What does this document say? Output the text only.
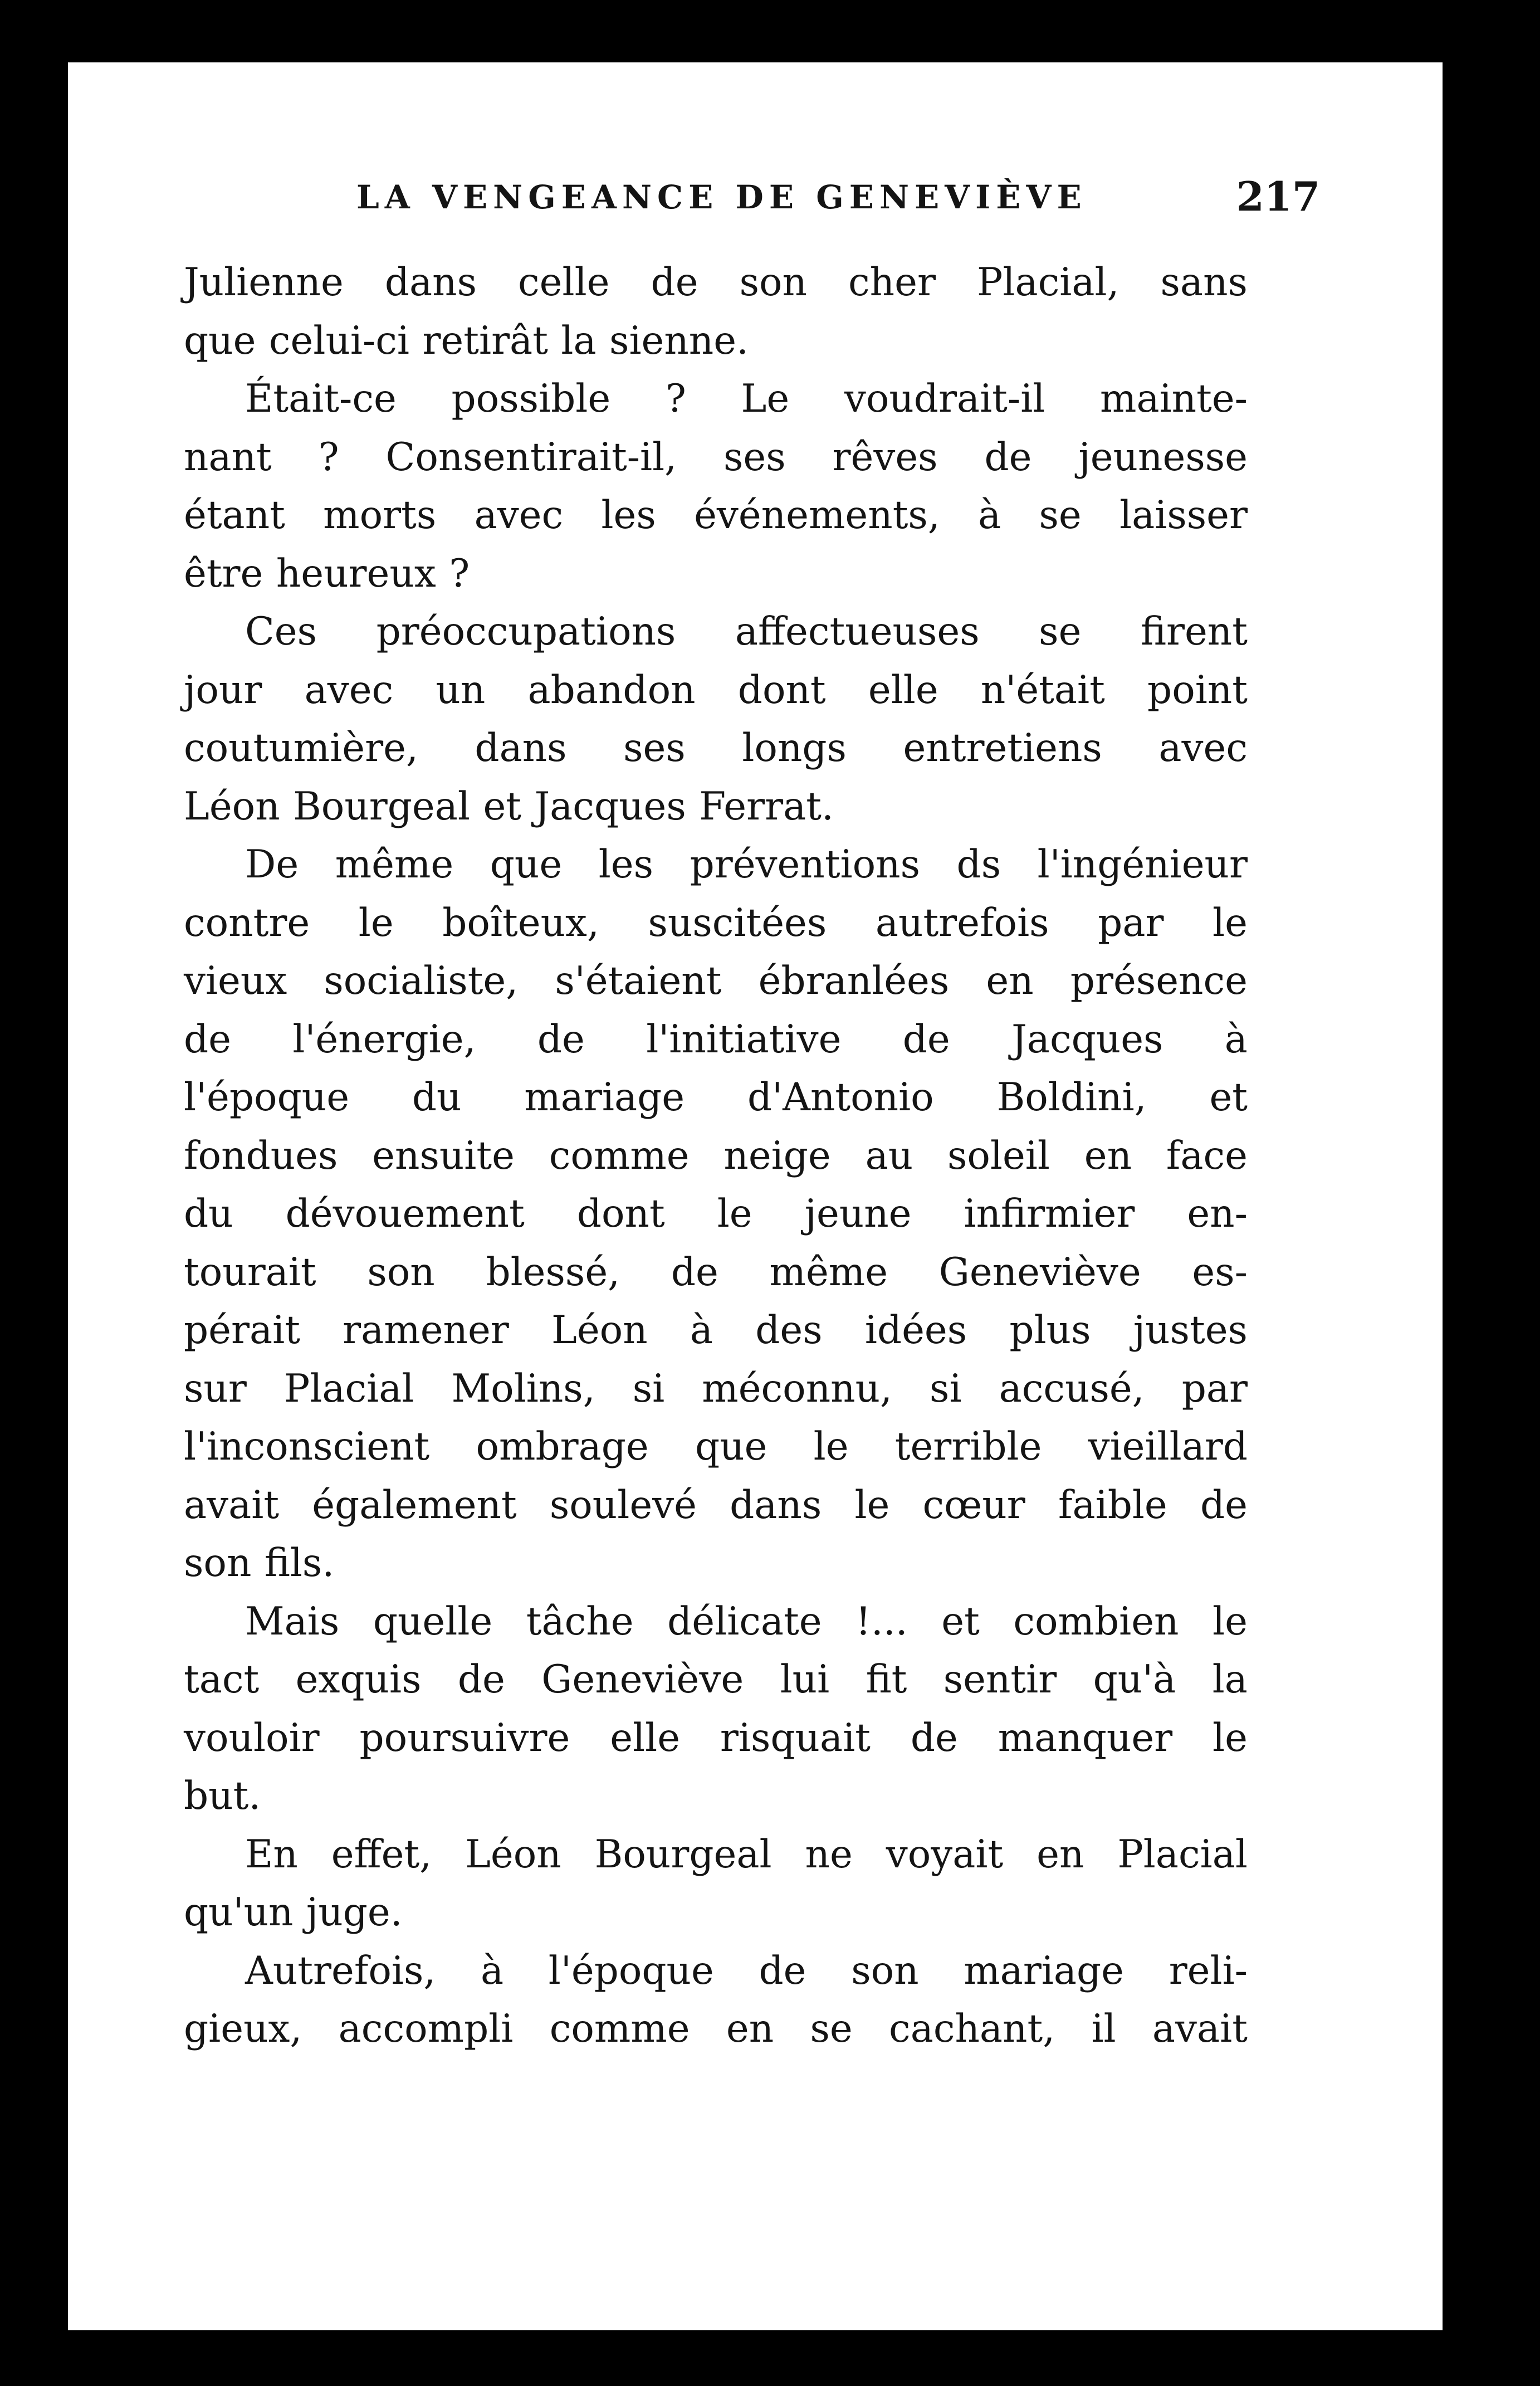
LA VENGEANCE DE GENEVIÈVE	217
Julienne dans celle de son cher Placial, sans
que celui-ci retirât la sienne.
Était-ce possible ? Le voudrait-il mainte-
nant ? Consentirait-il, ses rêves de jeunesse
étant morts avec les événements, à se laisser
être heureux ?
Ces préoccupations affectueuses se firent
jour avec un abandon dont elle n'était point
coutumière, dans ses longs entretiens avec
Léon Bourgeal et Jacques Ferrat.
De même que les préventions ds l'ingénieur
contre le boîteux, suscitées autrefois par le
vieux socialiste, s'étaient ébranlées en présence
de l'énergie, de l'initiative de Jacques à
l'époque du mariage d'Antonio Boldini, et
fondues ensuite comme neige au soleil en face
du dévouement dont le jeune infirmier en-
tourait son blessé, de même Geneviève es-
pérait ramener Léon à des idées plus justes
sur Placial Molins, si méconnu, si accusé, par
l'inconscient ombrage que le terrible vieillard
avait également soulevé dans le cœur faible de
son fils.
Mais quelle tâche délicate !... et combien le
tact exquis de Geneviève lui fit sentir qu'à la
vouloir poursuivre elle risquait de manquer le
but.
En effet, Léon Bourgeal ne voyait en Placial
qu'un juge.
Autrefois, à l'époque de son mariage reli-
gieux, accompli comme en se cachant, il avait
